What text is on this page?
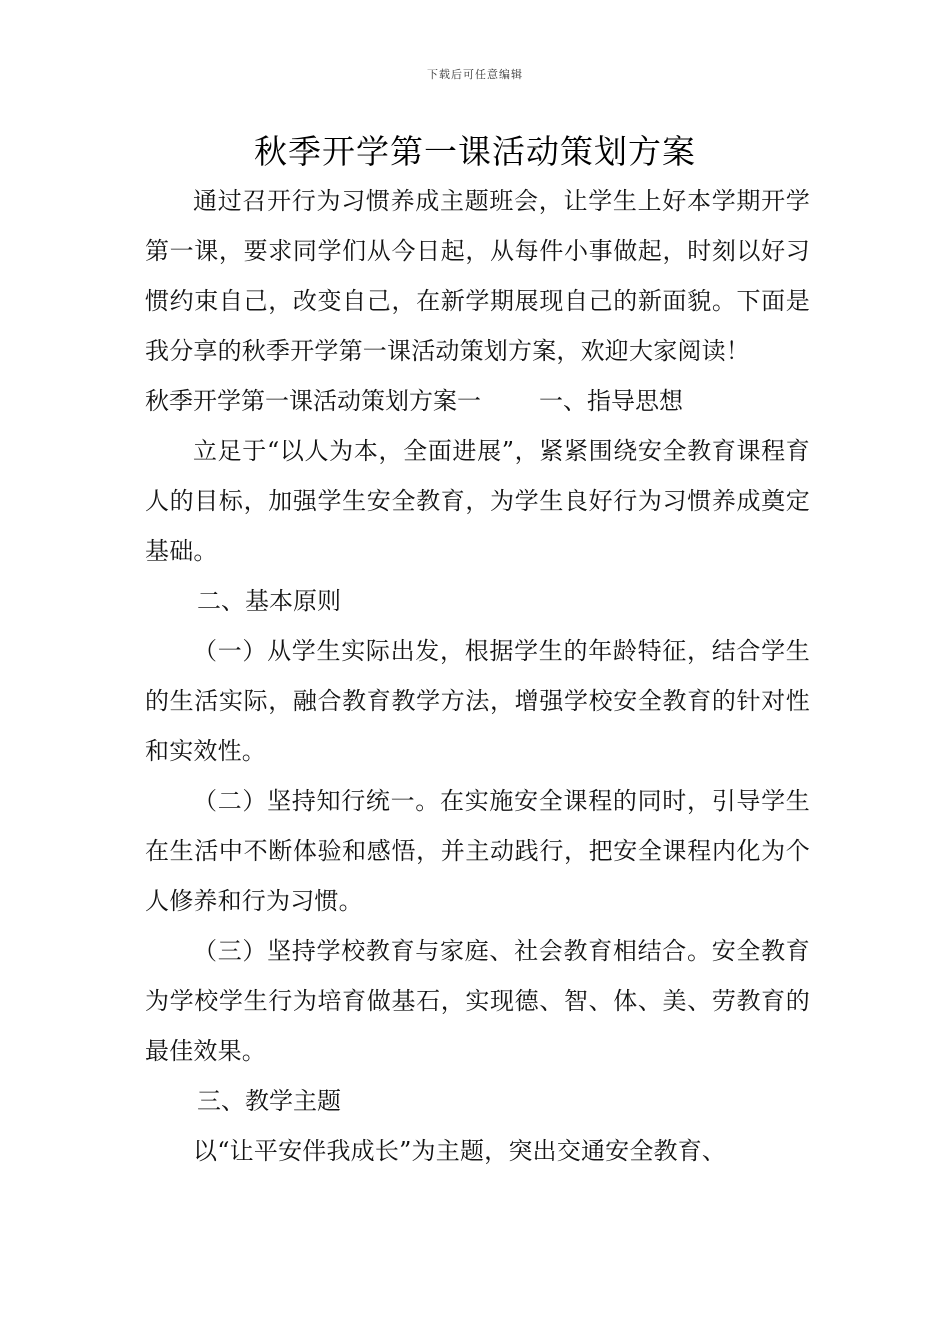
下载后可任意编辑
秋季开学第一课活动策划方案

通过召开行为习惯养成主题班会，让学生上好本学期开学第一课，要求同学们从今日起，从每件小事做起，时刻以好习惯约束自己，改变自己，在新学期展现自己的新面貌。下面是我分享的秋季开学第一课活动策划方案，欢迎大家阅读！

秋季开学第一课活动策划方案一 一、指导思想

立足于“以人为本，全面进展”，紧紧围绕安全教育课程育人的目标，加强学生安全教育，为学生良好行为习惯养成奠定基础。

二、基本原则

（一）从学生实际出发，根据学生的年龄特征，结合学生的生活实际，融合教育教学方法，增强学校安全教育的针对性和实效性。

（二）坚持知行统一。在实施安全课程的同时，引导学生在生活中不断体验和感悟，并主动践行，把安全课程内化为个人修养和行为习惯。

（三）坚持学校教育与家庭、社会教育相结合。安全教育为学校学生行为培育做基石，实现德、智、体、美、劳教育的最佳效果。

三、教学主题

以“让平安伴我成长”为主题，突出交通安全教育、
